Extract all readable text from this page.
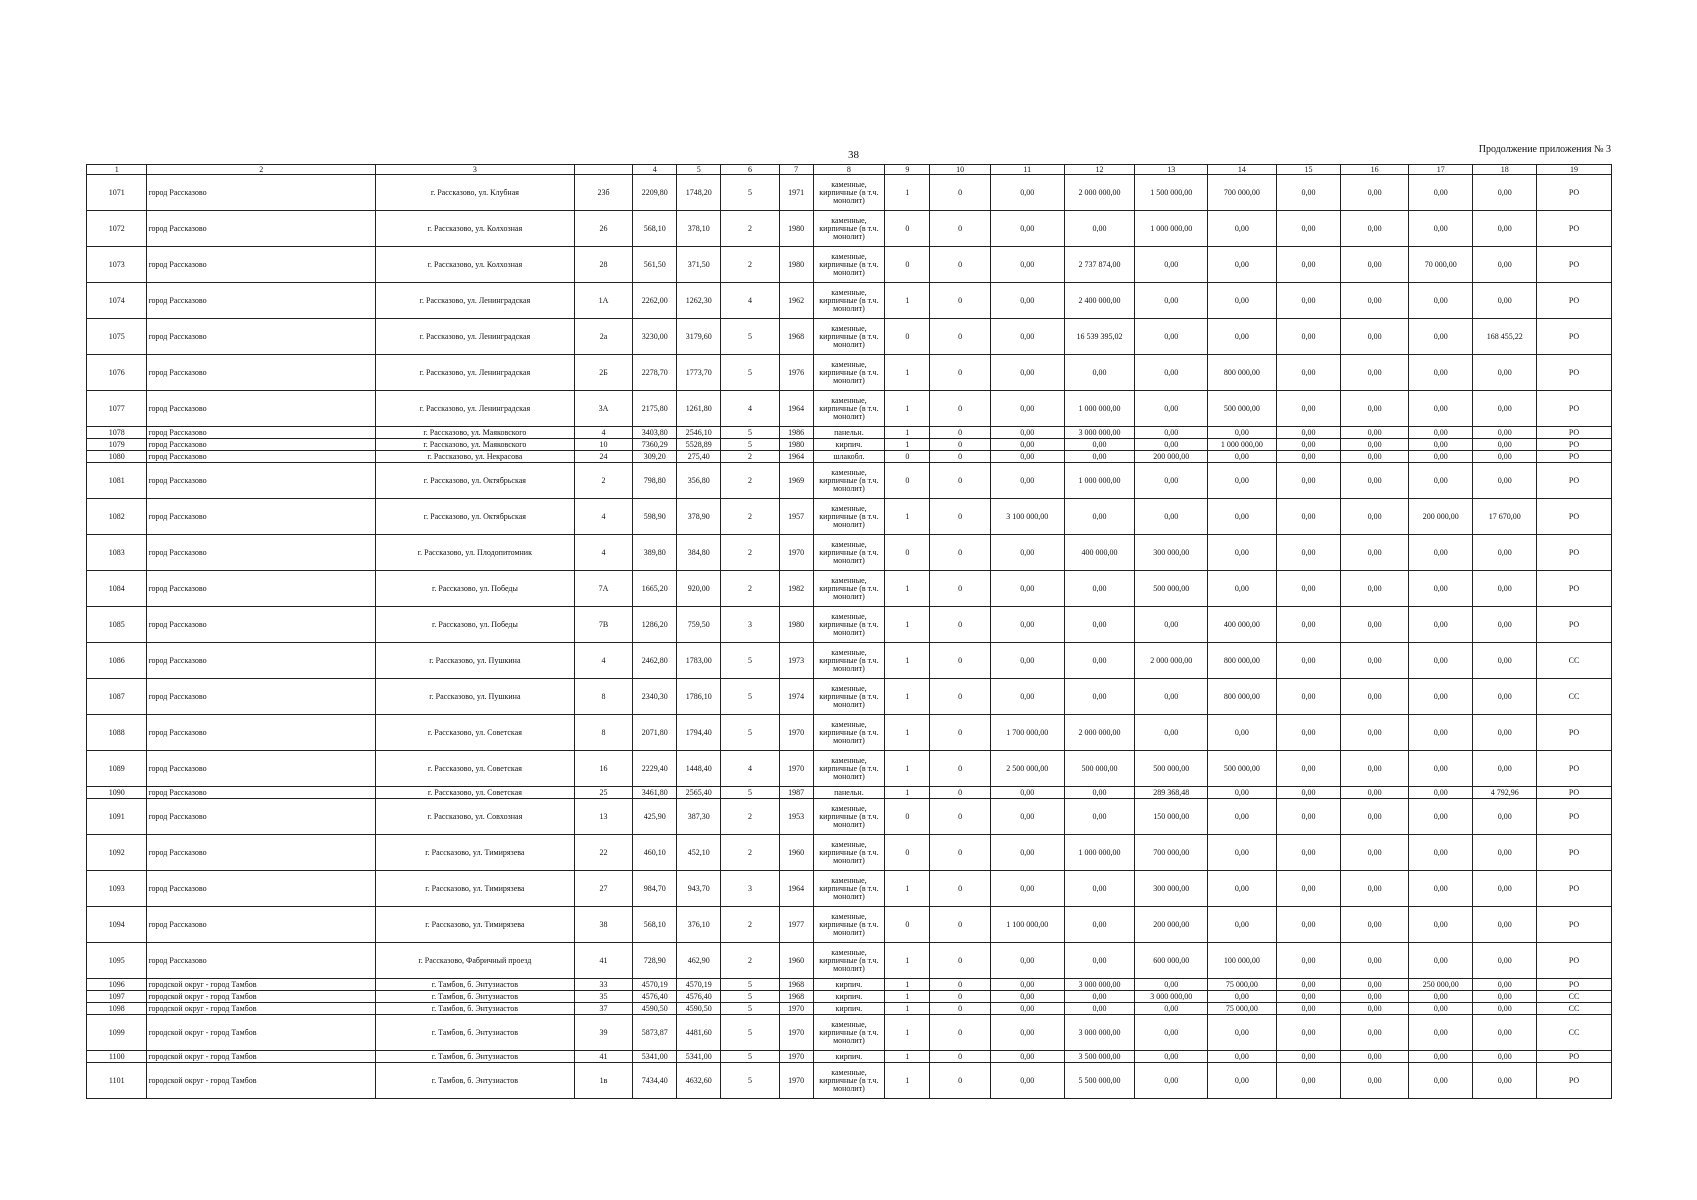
38	Продолжение приложения № 3
1	2	3		4	5	6	7	8	9	10	11	12	13	14	15	16	17	18	19
1071	город Рассказово	г. Рассказово, ул. Клубная	23б	2209,80	1748,20	5	1971	каменные, кирпичные (в т.ч. монолит)	1	0	0,00	2 000 000,00	1 500 000,00	700 000,00	0,00	0,00	0,00	0,00	РО
1072	город Рассказово	г. Рассказово, ул. Колхозная	26	568,10	378,10	2	1980	каменные, кирпичные (в т.ч. монолит)	0	0	0,00	0,00	1 000 000,00	0,00	0,00	0,00	0,00	0,00	РО
1073	город Рассказово	г. Рассказово, ул. Колхозная	28	561,50	371,50	2	1980	каменные, кирпичные (в т.ч. монолит)	0	0	0,00	2 737 874,00	0,00	0,00	0,00	0,00	70 000,00	0,00	РО
1074	город Рассказово	г. Рассказово, ул. Ленинградская	1А	2262,00	1262,30	4	1962	каменные, кирпичные (в т.ч. монолит)	1	0	0,00	2 400 000,00	0,00	0,00	0,00	0,00	0,00	0,00	РО
1075	город Рассказово	г. Рассказово, ул. Ленинградская	2а	3230,00	3179,60	5	1968	каменные, кирпичные (в т.ч. монолит)	0	0	0,00	16 539 395,02	0,00	0,00	0,00	0,00	0,00	168 455,22	РО
1076	город Рассказово	г. Рассказово, ул. Ленинградская	2Б	2278,70	1773,70	5	1976	каменные, кирпичные (в т.ч. монолит)	1	0	0,00	0,00	0,00	800 000,00	0,00	0,00	0,00	0,00	РО
1077	город Рассказово	г. Рассказово, ул. Ленинградская	3А	2175,80	1261,80	4	1964	каменные, кирпичные (в т.ч. монолит)	1	0	0,00	1 000 000,00	0,00	500 000,00	0,00	0,00	0,00	0,00	РО
1078	город Рассказово	г. Рассказово, ул. Маяковского	4	3403,80	2546,10	5	1986	панельн.	1	0	0,00	3 000 000,00	0,00	0,00	0,00	0,00	0,00	0,00	РО
1079	город Рассказово	г. Рассказово, ул. Маяковского	10	7360,29	5528,89	5	1980	кирпич.	1	0	0,00	0,00	0,00	1 000 000,00	0,00	0,00	0,00	0,00	РО
1080	город Рассказово	г. Рассказово, ул. Некрасова	24	309,20	275,40	2	1964	шлакобл.	0	0	0,00	0,00	200 000,00	0,00	0,00	0,00	0,00	0,00	РО
1081	город Рассказово	г. Рассказово, ул. Октябрьская	2	798,80	356,80	2	1969	каменные, кирпичные (в т.ч. монолит)	0	0	0,00	1 000 000,00	0,00	0,00	0,00	0,00	0,00	0,00	РО
1082	город Рассказово	г. Рассказово, ул. Октябрьская	4	598,90	378,90	2	1957	каменные, кирпичные (в т.ч. монолит)	1	0	3 100 000,00	0,00	0,00	0,00	0,00	0,00	200 000,00	17 670,00	РО
1083	город Рассказово	г. Рассказово, ул. Плодопитомник	4	389,80	384,80	2	1970	каменные, кирпичные (в т.ч. монолит)	0	0	0,00	400 000,00	300 000,00	0,00	0,00	0,00	0,00	0,00	РО
1084	город Рассказово	г. Рассказово, ул. Победы	7А	1665,20	920,00	2	1982	каменные, кирпичные (в т.ч. монолит)	1	0	0,00	0,00	500 000,00	0,00	0,00	0,00	0,00	0,00	РО
1085	город Рассказово	г. Рассказово, ул. Победы	7В	1286,20	759,50	3	1980	каменные, кирпичные (в т.ч. монолит)	1	0	0,00	0,00	0,00	400 000,00	0,00	0,00	0,00	0,00	РО
1086	город Рассказово	г. Рассказово, ул. Пушкина	4	2462,80	1783,00	5	1973	каменные, кирпичные (в т.ч. монолит)	1	0	0,00	0,00	2 000 000,00	800 000,00	0,00	0,00	0,00	0,00	СС
1087	город Рассказово	г. Рассказово, ул. Пушкина	8	2340,30	1786,10	5	1974	каменные, кирпичные (в т.ч. монолит)	1	0	0,00	0,00	0,00	800 000,00	0,00	0,00	0,00	0,00	СС
1088	город Рассказово	г. Рассказово, ул. Советская	8	2071,80	1794,40	5	1970	каменные, кирпичные (в т.ч. монолит)	1	0	1 700 000,00	2 000 000,00	0,00	0,00	0,00	0,00	0,00	0,00	РО
1089	город Рассказово	г. Рассказово, ул. Советская	16	2229,40	1448,40	4	1970	каменные, кирпичные (в т.ч. монолит)	1	0	2 500 000,00	500 000,00	500 000,00	500 000,00	0,00	0,00	0,00	0,00	РО
1090	город Рассказово	г. Рассказово, ул. Советская	25	3461,80	2565,40	5	1987	панельн.	1	0	0,00	0,00	289 368,48	0,00	0,00	0,00	0,00	4 792,96	РО
1091	город Рассказово	г. Рассказово, ул. Совхозная	13	425,90	387,30	2	1953	каменные, кирпичные (в т.ч. монолит)	0	0	0,00	0,00	150 000,00	0,00	0,00	0,00	0,00	0,00	РО
1092	город Рассказово	г. Рассказово, ул. Тимирязева	22	460,10	452,10	2	1960	каменные, кирпичные (в т.ч. монолит)	0	0	0,00	1 000 000,00	700 000,00	0,00	0,00	0,00	0,00	0,00	РО
1093	город Рассказово	г. Рассказово, ул. Тимирязева	27	984,70	943,70	3	1964	каменные, кирпичные (в т.ч. монолит)	1	0	0,00	0,00	300 000,00	0,00	0,00	0,00	0,00	0,00	РО
1094	город Рассказово	г. Рассказово, ул. Тимирязева	38	568,10	376,10	2	1977	каменные, кирпичные (в т.ч. монолит)	0	0	1 100 000,00	0,00	200 000,00	0,00	0,00	0,00	0,00	0,00	РО
1095	город Рассказово	г. Рассказово, Фабричный проезд	41	728,90	462,90	2	1960	каменные, кирпичные (в т.ч. монолит)	1	0	0,00	0,00	600 000,00	100 000,00	0,00	0,00	0,00	0,00	РО
1096	городской округ - город Тамбов	г. Тамбов, б. Энтузиастов	33	4570,19	4570,19	5	1968	кирпич.	1	0	0,00	3 000 000,00	0,00	75 000,00	0,00	0,00	250 000,00	0,00	РО
1097	городской округ - город Тамбов	г. Тамбов, б. Энтузиастов	35	4576,40	4576,40	5	1968	кирпич.	1	0	0,00	0,00	3 000 000,00	0,00	0,00	0,00	0,00	0,00	СС
1098	городской округ - город Тамбов	г. Тамбов, б. Энтузиастов	37	4590,50	4590,50	5	1970	кирпич.	1	0	0,00	0,00	0,00	75 000,00	0,00	0,00	0,00	0,00	СС
1099	городской округ - город Тамбов	г. Тамбов, б. Энтузиастов	39	5873,87	4481,60	5	1970	каменные, кирпичные (в т.ч. монолит)	1	0	0,00	3 000 000,00	0,00	0,00	0,00	0,00	0,00	0,00	СС
1100	городской округ - город Тамбов	г. Тамбов, б. Энтузиастов	41	5341,00	5341,00	5	1970	кирпич.	1	0	0,00	3 500 000,00	0,00	0,00	0,00	0,00	0,00	0,00	РО
1101	городской округ - город Тамбов	г. Тамбов, б. Энтузиастов	1в	7434,40	4632,60	5	1970	каменные, кирпичные (в т.ч. монолит)	1	0	0,00	5 500 000,00	0,00	0,00	0,00	0,00	0,00	0,00	РО
